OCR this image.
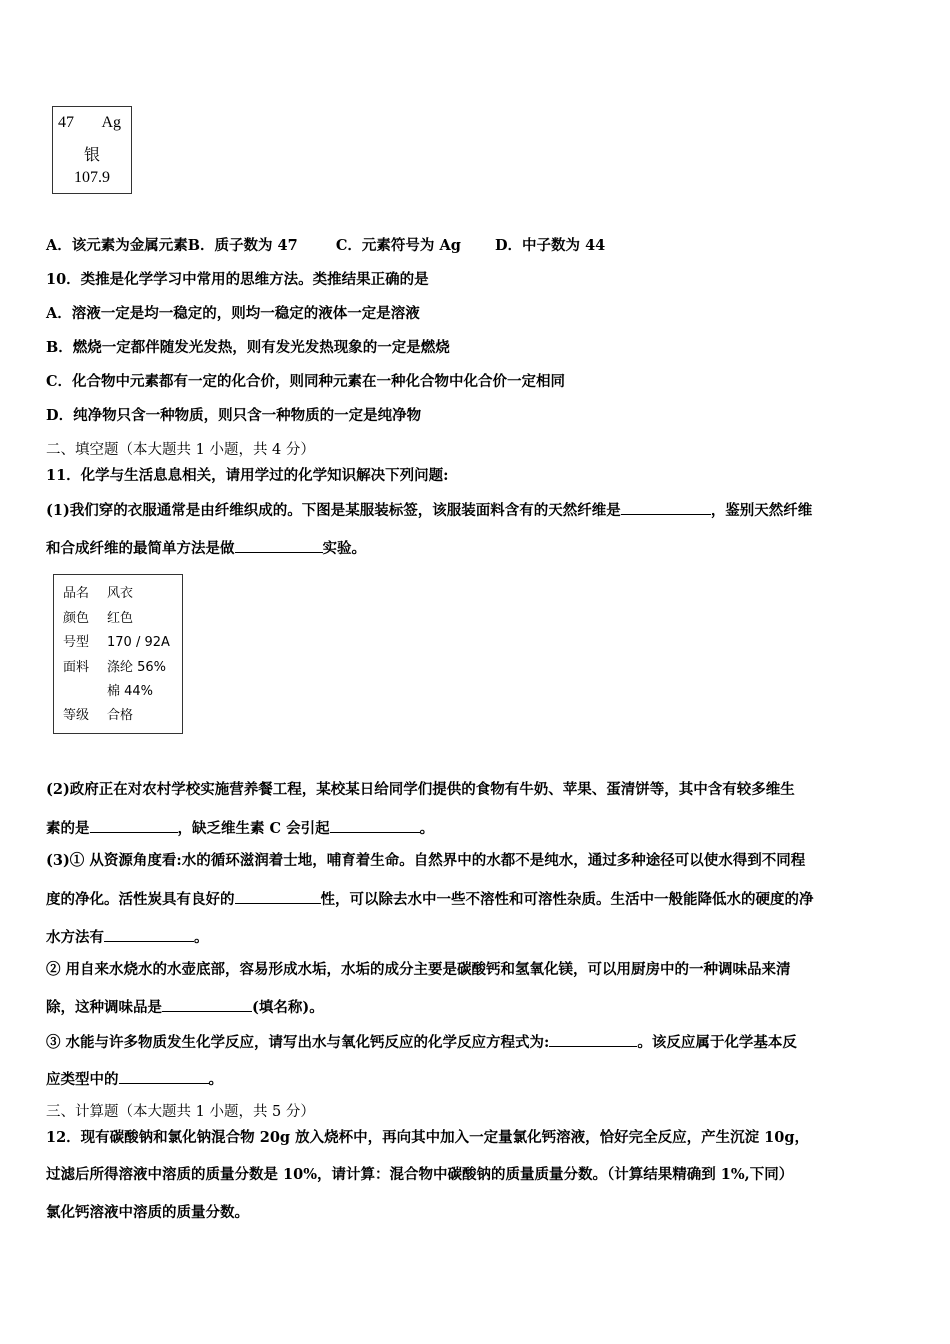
47 Ag
银
107.9
A．该元素为金属元素B．质子数为 47	C．元素符号为 Ag D．中子数为 44
10．类推是化学学习中常用的思维方法。类推结果正确的是
A．溶液一定是均一稳定的，则均一稳定的液体一定是溶液
B．燃烧一定都伴随发光发热，则有发光发热现象的一定是燃烧
C．化合物中元素都有一定的化合价，则同种元素在一种化合物中化合价一定相同
D．纯净物只含一种物质，则只含一种物质的一定是纯净物
二、填空题（本大题共 1 小题，共 4 分）
11．化学与生活息息相关，请用学过的化学知识解决下列问题:
(1)我们穿的衣服通常是由纤维织成的。下图是某服装标签，该服装面料含有的天然纤维是	，鉴别天然纤维
和合成纤维的最简单方法是做	实验。
品名 风衣
颜色 红色
号型 170 / 92A
面料 涤纶 56%
棉 44%
等级 合格
(2)政府正在对农村学校实施营养餐工程，某校某日给同学们提供的食物有牛奶、苹果、蛋清饼等，其中含有较多维生
素的是	，缺乏维生素 C 会引起	。
(3)① 从资源角度看:水的循环滋润着士地，哺育着生命。自然界中的水都不是纯水，通过多种途径可以使水得到不同程
度的净化。活性炭具有良好的	性，可以除去水中一些不溶性和可溶性杂质。生活中一般能降低水的硬度的净
水方法有	。
② 用自来水烧水的水壶底部，容易形成水垢，水垢的成分主要是碳酸钙和氢氧化镁，可以用厨房中的一种调味品来清
除，这种调味品是	(填名称)。
③ 水能与许多物质发生化学反应，请写出水与氧化钙反应的化学反应方程式为:	。该反应属于化学基本反
应类型中的	。
三、计算题（本大题共 1 小题，共 5 分）
12．现有碳酸钠和氯化钠混合物 20g 放入烧杯中，再向其中加入一定量氯化钙溶液，恰好完全反应，产生沉淀 10g，
过滤后所得溶液中溶质的质量分数是 10%，请计算：混合物中碳酸钠的质量质量分数。（计算结果精确到 1%,下同）
氯化钙溶液中溶质的质量分数。
